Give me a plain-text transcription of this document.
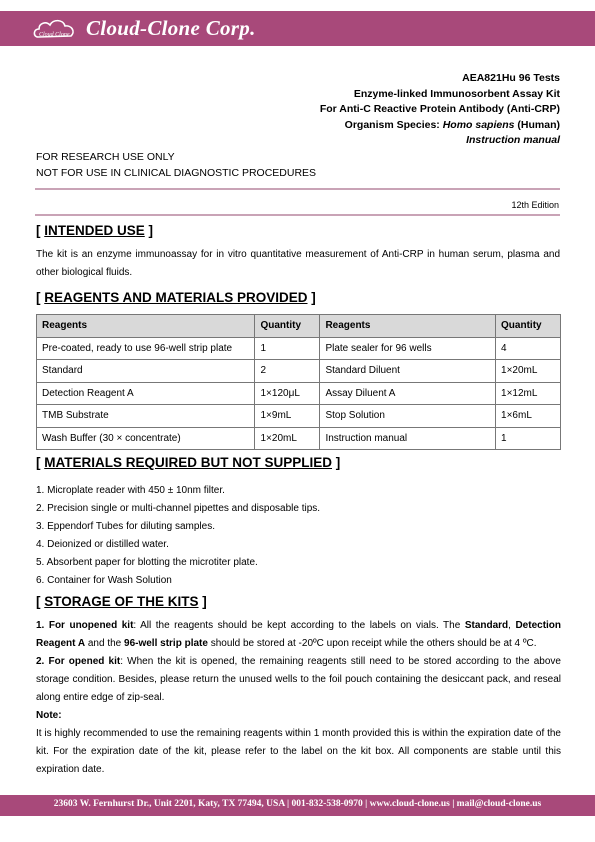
Cloud Clone Cloud-Clone Corp.
AEA821Hu 96 Tests
Enzyme-linked Immunosorbent Assay Kit
For Anti-C Reactive Protein Antibody (Anti-CRP)
Organism Species: Homo sapiens (Human)
Instruction manual
FOR RESEARCH USE ONLY
NOT FOR USE IN CLINICAL DIAGNOSTIC PROCEDURES
12th Edition
[ INTENDED USE ]
The kit is an enzyme immunoassay for in vitro quantitative measurement of Anti-CRP in human serum, plasma and other biological fluids.
[ REAGENTS AND MATERIALS PROVIDED ]
Reagents	Quantity	Reagents	Quantity
Pre-coated, ready to use 96-well strip plate	1	Plate sealer for 96 wells	4
Standard	2	Standard Diluent	1×20mL
Detection Reagent A	1×120μL	Assay Diluent A	1×12mL
TMB Substrate	1×9mL	Stop Solution	1×6mL
Wash Buffer (30 × concentrate)	1×20mL	Instruction manual	1
[ MATERIALS REQUIRED BUT NOT SUPPLIED ]
1. Microplate reader with 450 ± 10nm filter.
2. Precision single or multi-channel pipettes and disposable tips.
3. Eppendorf Tubes for diluting samples.
4. Deionized or distilled water.
5. Absorbent paper for blotting the microtiter plate.
6. Container for Wash Solution
[ STORAGE OF THE KITS ]

1. For unopened kit: All the reagents should be kept according to the labels on vials. The Standard, Detection Reagent A and the 96-well strip plate should be stored at -20ºC upon receipt while the others should be at 4 ºC.

2. For opened kit: When the kit is opened, the remaining reagents still need to be stored according to the above storage condition. Besides, please return the unused wells to the foil pouch containing the desiccant pack, and reseal along entire edge of zip-seal.

Note:

It is highly recommended to use the remaining reagents within 1 month provided this is within the expiration date of the kit. For the expiration date of the kit, please refer to the label on the kit box. All components are stable until this expiration date.

23603 W. Fernhurst Dr., Unit 2201, Katy, TX 77494, USA | 001-832-538-0970 | www.cloud-clone.us | mail@cloud-clone.us
